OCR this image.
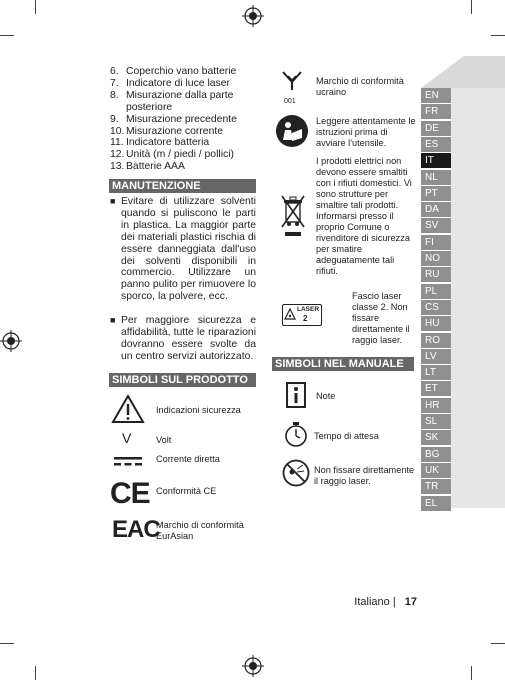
6. Coperchio vano batterie
7. Indicatore di luce laser
8. Misurazione dalla parte posteriore
9. Misurazione precedente
10. Misurazione corrente
11. Indicatore batteria
12. Unità (m / piedi / pollici)
13. Batterie AAA
MANUTENZIONE
■ Evitare di utilizzare solventi quando si puliscono le parti in plastica. La maggior parte dei materiali plastici rischia di essere danneggiata dall'uso dei solventi disponibili in commercio. Utilizzare un panno pulito per rimuovere lo sporco, la polvere, ecc.
■ Per maggiore sicurezza e affidabilità, tutte le riparazioni dovranno essere svolte da un centro servizi autorizzato.
SIMBOLI SUL PRODOTTO
Indicazioni sicurezza
V	Volt
Corrente diretta
CE Conformità CE
EAC
Marchio di conformità EurAsian
001
Marchio di conformità ucraino
Leggere attentamente le istruzioni prima di avviare l'utensile.
I prodotti elettrici non devono essere smaltiti con i rifiuti domestici. Vi sono strutture per smaltire tali prodotti. Informarsi presso il proprio Comune o rivenditore di sicurezza per smatire adeguatamente tali rifiuti.
LASER
2
Fascio laser classe 2. Non fissare direttamente il raggio laser.
SIMBOLI NEL MANUALE
Note
Tempo di attesa
Non fissare direttamente il raggio laser.
EN
FR
DE
ES
IT
NL
PT
DA
SV
FI
NO
RU
PL
CS
HU
RO
LV
LT
ET
HR
SL
SK
BG
UK
TR
EL
Italiano | 17
